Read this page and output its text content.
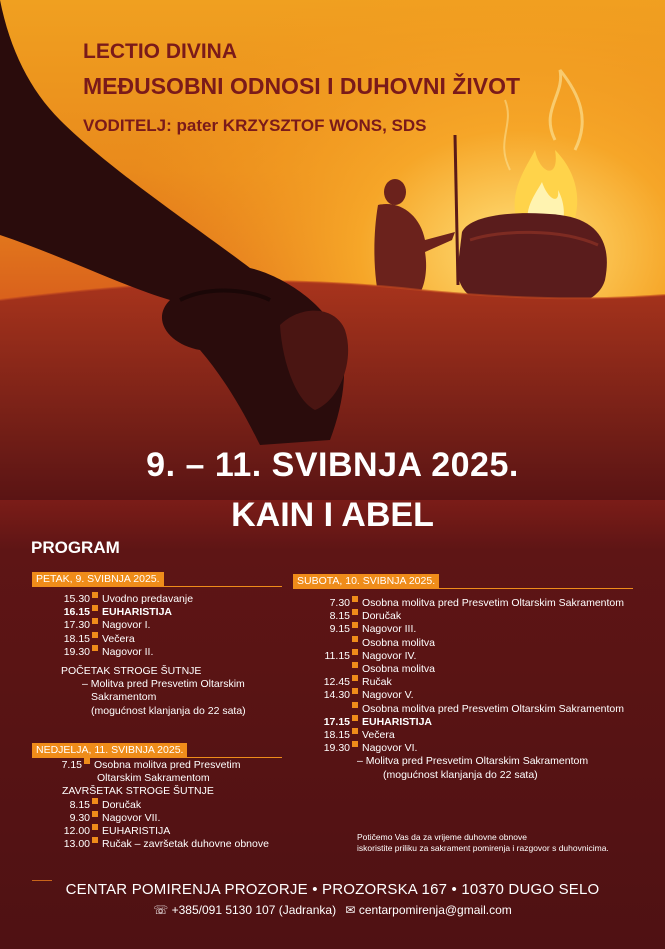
LECTIO DIVINA
MEĐUSOBNI ODNOSI I DUHOVNI ŽIVOT
VODITELJ: pater KRZYSZTOF WONS, SDS

9. – 11. SVIBNJA 2025.

KAIN I ABEL

PROGRAM

PETAK, 9. SVIBNJA 2025.
15.30 Uvodno predavanje
16.15 EUHARISTIJA
17.30 Nagovor I.
18.15 Večera
19.30 Nagovor II.
POČETAK STROGE ŠUTNJE
– Molitva pred Presvetim Oltarskim
Sakramentom
(mogućnost klanjanja do 22 sata)
NEDJELJA, 11. SVIBNJA 2025.
7.15 Osobna molitva pred Presvetim
Oltarskim Sakramentom
ZAVRŠETAK STROGE ŠUTNJE
8.15 Doručak
9.30 Nagovor VII.
12.00 EUHARISTIJA
13.00 Ručak – završetak duhovne obnove
SUBOTA, 10. SVIBNJA 2025.
7.30 Osobna molitva pred Presvetim Oltarskim Sakramentom
8.15 Doručak
9.15 Nagovor III.
Osobna molitva
11.15 Nagovor IV.
Osobna molitva
12.45 Ručak
14.30 Nagovor V.
Osobna molitva pred Presvetim Oltarskim Sakramentom
17.15 EUHARISTIJA
18.15 Večera
19.30 Nagovor VI.
– Molitva pred Presvetim Oltarskim Sakramentom
(mogućnost klanjanja do 22 sata)
Potičemo Vas da za vrijeme duhovne obnove
iskoristite priliku za sakrament pomirenja i razgovor s duhovnicima.
CENTAR POMIRENJA PROZORJE • PROZORSKA 167 • 10370 DUGO SELO
☏ +385/091 5130 107 (Jadranka) ✉ centarpomirenja@gmail.com
